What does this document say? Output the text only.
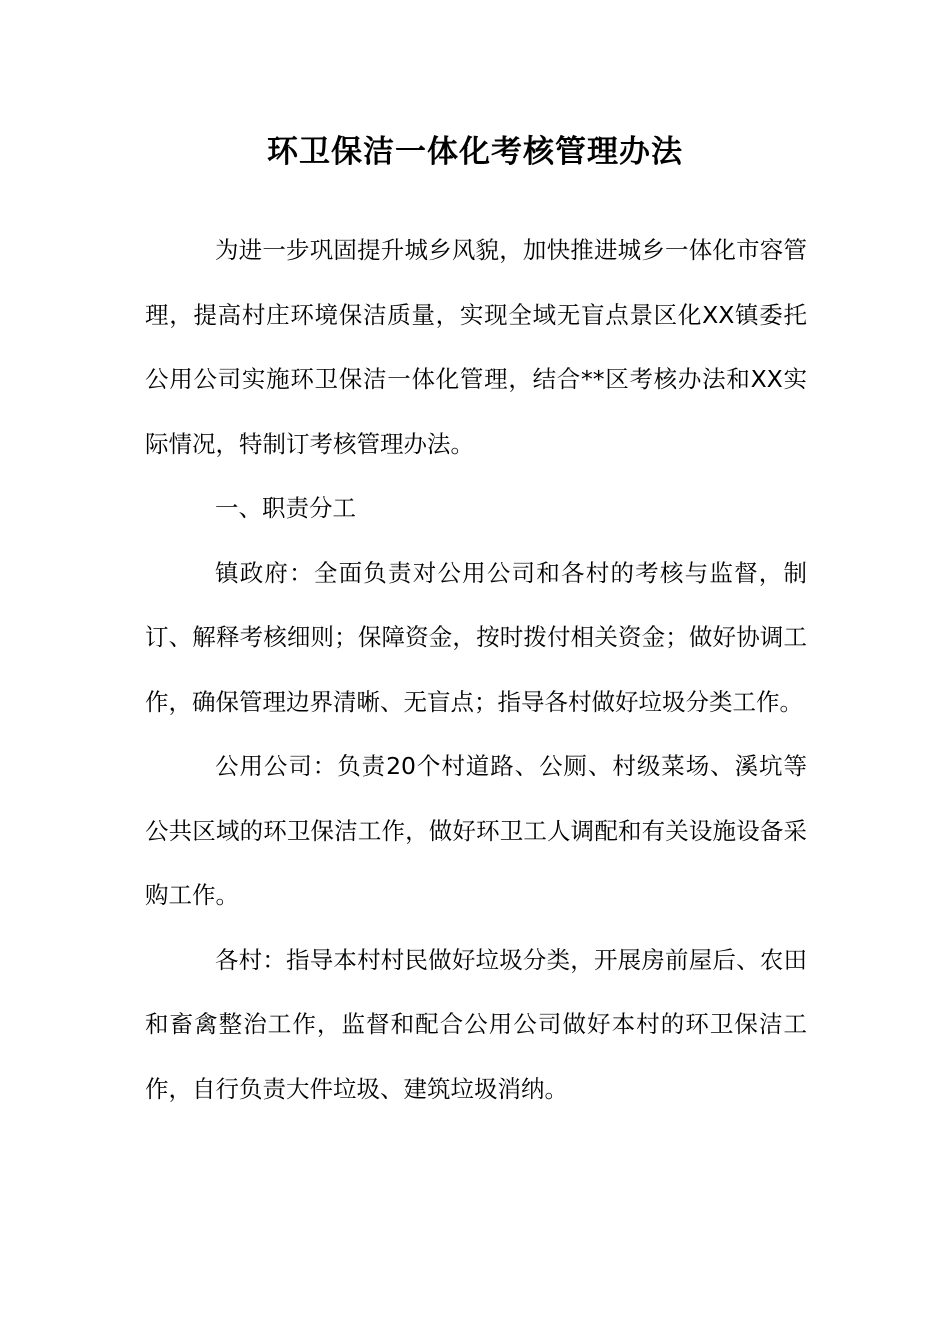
环卫保洁一体化考核管理办法

为进一步巩固提升城乡风貌，加快推进城乡一体化市容管理，提高村庄环境保洁质量，实现全域无盲点景区化XX镇委托公用公司实施环卫保洁一体化管理，结合**区考核办法和XX实际情况，特制订考核管理办法。

一、职责分工

镇政府：全面负责对公用公司和各村的考核与监督，制订、解释考核细则；保障资金，按时拨付相关资金；做好协调工作，确保管理边界清晰、无盲点；指导各村做好垃圾分类工作。

公用公司：负责20个村道路、公厕、村级菜场、溪坑等公共区域的环卫保洁工作，做好环卫工人调配和有关设施设备采购工作。

各村：指导本村村民做好垃圾分类，开展房前屋后、农田和畜禽整治工作，监督和配合公用公司做好本村的环卫保洁工作，自行负责大件垃圾、建筑垃圾消纳。
